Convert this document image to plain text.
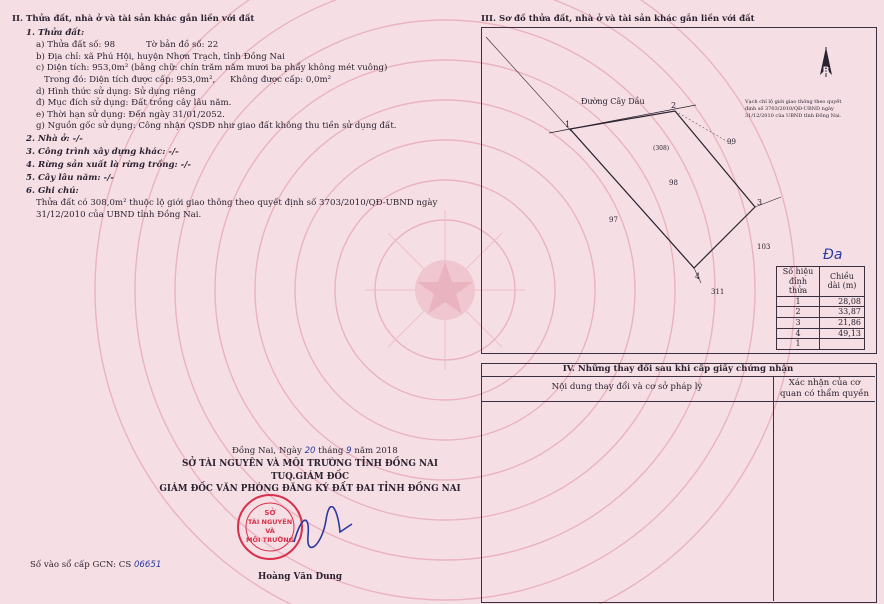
II. Thửa đất, nhà ở và tài sản khác gắn liền với đất
1. Thửa đất:
a) Thửa đất số: 98	Tờ bản đồ số: 22
b) Địa chỉ: xã Phú Hội, huyện Nhơn Trạch, tỉnh Đồng Nai
c) Diện tích: 953,0m² (bằng chữ: chín trăm năm mươi ba phẩy không mét vuông)
Trong đó: Diện tích được cấp: 953,0m², Không được cấp: 0,0m²
d) Hình thức sử dụng: Sử dụng riêng
đ) Mục đích sử dụng: Đất trồng cây lâu năm.
e) Thời hạn sử dụng: Đến ngày 31/01/2052.
g) Nguồn gốc sử dụng: Công nhận QSDĐ như giao đất không thu tiền sử dụng đất.
2. Nhà ở: -/-
3. Công trình xây dựng khác: -/-
4. Rừng sản xuất là rừng trồng: -/-
5. Cây lâu năm: -/-
6. Ghi chú:
Thửa đất có 308,0m² thuộc lộ giới giao thông theo quyết định số 3703/2010/QĐ-UBND ngày
31/12/2010 của UBND tỉnh Đồng Nai.
Đồng Nai, Ngày 20 tháng 9 năm 2018
SỞ TÀI NGUYÊN VÀ MÔI TRƯỜNG TỈNH ĐỒNG NAI
TUQ.GIÁM ĐỐC
GIÁM ĐỐC VĂN PHÒNG ĐĂNG KÝ ĐẤT ĐAI TỈNH ĐỒNG NAI
SỞ
TÀI NGUYÊN
VÀ
MÔI TRƯỜNG
Số vào sổ cấp GCN: CS 06651
Hoàng Văn Dung
III. Sơ đồ thửa đất, nhà ở và tài sản khác gắn liền với đất
B
Đường Cây Dầu
1
2
3
4
(308)
98
99
97
103
311
Vạch chỉ lộ giới giao thông theo quyết
định số 3703/2010/QĐ-UBND ngày
31/12/2010 của UBND tỉnh Đồng Nai.
Đa
Số hiệu đỉnh thửa	Chiều dài (m)
1	28,08
2	33,87
3	21,86
4	49,13
1	
IV. Những thay đổi sau khi cấp giấy chứng nhận
Nội dung thay đổi và cơ sở pháp lý	Xác nhận của cơ
quan có thẩm quyền
